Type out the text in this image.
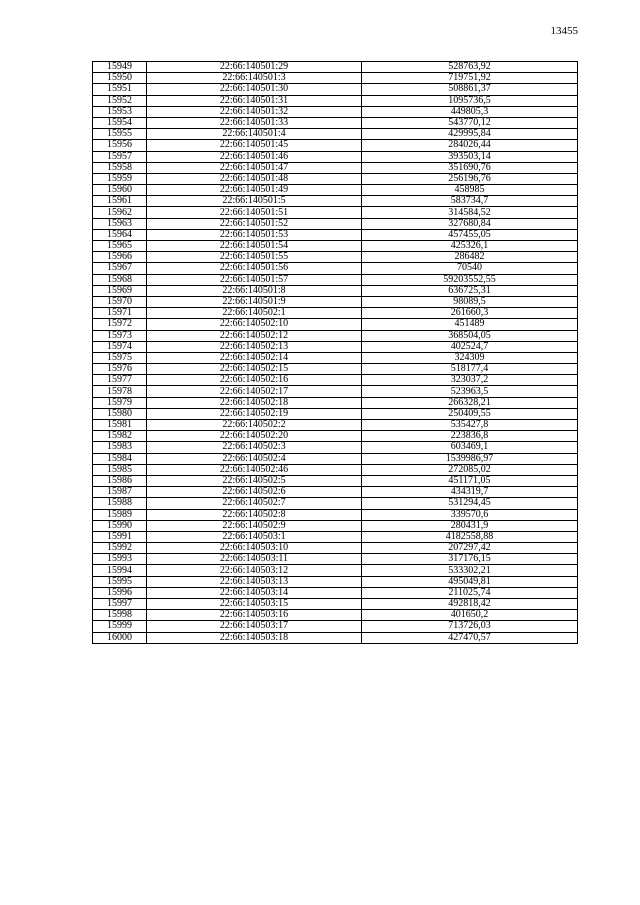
13455
15949	22:66:140501:29	528763,92
15950	22:66:140501:3	719751,92
15951	22:66:140501:30	508861,37
15952	22:66:140501:31	1095736,5
15953	22:66:140501:32	449805,3
15954	22:66:140501:33	543770,12
15955	22:66:140501:4	429995,84
15956	22:66:140501:45	284026,44
15957	22:66:140501:46	393503,14
15958	22:66:140501:47	351690,76
15959	22:66:140501:48	256196,76
15960	22:66:140501:49	458985
15961	22:66:140501:5	583734,7
15962	22:66:140501:51	314584,52
15963	22:66:140501:52	327680,84
15964	22:66:140501:53	457455,05
15965	22:66:140501:54	425326,1
15966	22:66:140501:55	286482
15967	22:66:140501:56	70540
15968	22:66:140501:57	59203552,55
15969	22:66:140501:8	636725,31
15970	22:66:140501:9	98089,5
15971	22:66:140502:1	261660,3
15972	22:66:140502:10	451489
15973	22:66:140502:12	368504,05
15974	22:66:140502:13	402524,7
15975	22:66:140502:14	324309
15976	22:66:140502:15	518177,4
15977	22:66:140502:16	323037,2
15978	22:66:140502:17	523963,5
15979	22:66:140502:18	266328,21
15980	22:66:140502:19	250409,55
15981	22:66:140502:2	535427,8
15982	22:66:140502:20	223836,8
15983	22:66:140502:3	603469,1
15984	22:66:140502:4	1539986,97
15985	22:66:140502:46	272085,02
15986	22:66:140502:5	451171,05
15987	22:66:140502:6	434319,7
15988	22:66:140502:7	531294,45
15989	22:66:140502:8	339570,6
15990	22:66:140502:9	280431,9
15991	22:66:140503:1	4182558,88
15992	22:66:140503:10	207297,42
15993	22:66:140503:11	317176,15
15994	22:66:140503:12	533302,21
15995	22:66:140503:13	495049,81
15996	22:66:140503:14	211025,74
15997	22:66:140503:15	492818,42
15998	22:66:140503:16	401650,2
15999	22:66:140503:17	713726,03
16000	22:66:140503:18	427470,57
